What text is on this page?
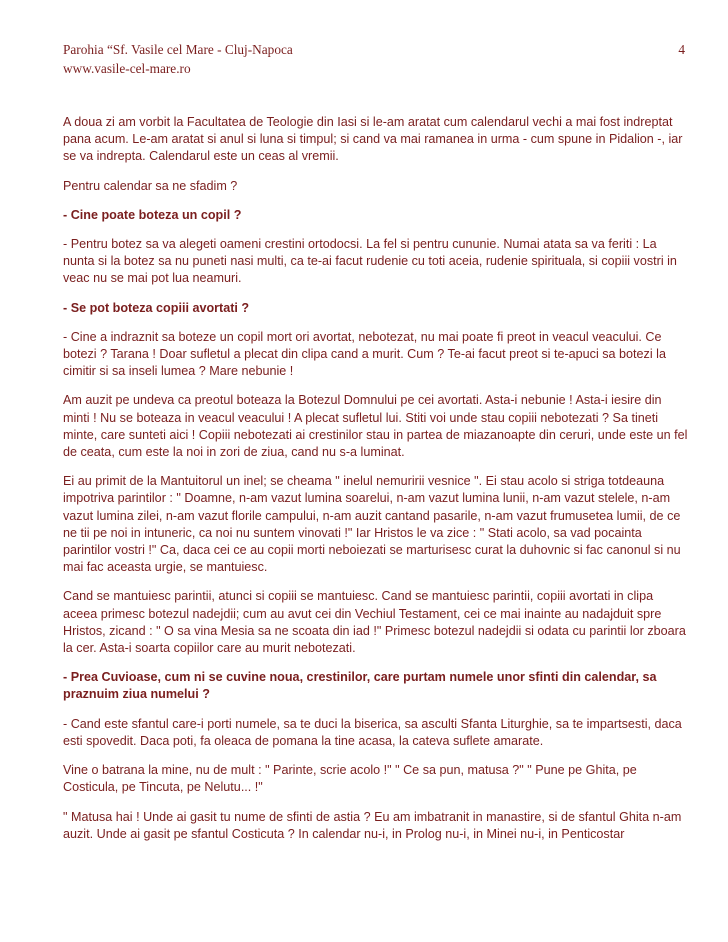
Parohia “Sf. Vasile cel Mare - Cluj-Napoca
www.vasile-cel-mare.ro
4

A doua zi am vorbit la Facultatea de Teologie din Iasi si le-am aratat cum calendarul vechi a mai fost indreptat pana acum. Le-am aratat si anul si luna si timpul; si cand va mai ramanea in urma - cum spune in Pidalion -, iar se va indrepta. Calendarul este un ceas al vremii.

Pentru calendar sa ne sfadim ?

- Cine poate boteza un copil ?

- Pentru botez sa va alegeti oameni crestini ortodocsi. La fel si pentru cununie. Numai atata sa va feriti : La nunta si la botez sa nu puneti nasi multi, ca te-ai facut rudenie cu toti aceia, rudenie spirituala, si copiii vostri in veac nu se mai pot lua neamuri.

- Se pot boteza copiii avortati ?

- Cine a indraznit sa boteze un copil mort ori avortat, nebotezat, nu mai poate fi preot in veacul veacului. Ce botezi ? Tarana ! Doar sufletul a plecat din clipa cand a murit. Cum ? Te-ai facut preot si te-apuci sa botezi la cimitir si sa inseli lumea ? Mare nebunie !

Am auzit pe undeva ca preotul boteaza la Botezul Domnului pe cei avortati. Asta-i nebunie ! Asta-i iesire din minti ! Nu se boteaza in veacul veacului ! A plecat sufletul lui. Stiti voi unde stau copiii nebotezati ? Sa tineti minte, care sunteti aici ! Copiii nebotezati ai crestinilor stau in partea de miazanoapte din ceruri, unde este un fel de ceata, cum este la noi in zori de ziua, cand nu s-a luminat.

Ei au primit de la Mantuitorul un inel; se cheama " inelul nemuririi vesnice ". Ei stau acolo si striga totdeauna impotriva parintilor : " Doamne, n-am vazut lumina soarelui, n-am vazut lumina lunii, n-am vazut stelele, n-am vazut lumina zilei, n-am vazut florile campului, n-am auzit cantand pasarile, n-am vazut frumusetea lumii, de ce ne tii pe noi in intuneric, ca noi nu suntem vinovati !" Iar Hristos le va zice : " Stati acolo, sa vad pocainta parintilor vostri !" Ca, daca cei ce au copii morti neboiezati se marturisesc curat la duhovnic si fac canonul si nu mai fac aceasta urgie, se mantuiesc.

Cand se mantuiesc parintii, atunci si copiii se mantuiesc. Cand se mantuiesc parintii, copiii avortati in clipa aceea primesc botezul nadejdii; cum au avut cei din Vechiul Testament, cei ce mai inainte au nadajduit spre Hristos, zicand : " O sa vina Mesia sa ne scoata din iad !" Primesc botezul nadejdii si odata cu parintii lor zboara la cer. Asta-i soarta copiilor care au murit nebotezati.

- Prea Cuvioase, cum ni se cuvine noua, crestinilor, care purtam numele unor sfinti din calendar, sa praznuim ziua numelui ?

- Cand este sfantul care-i porti numele, sa te duci la biserica, sa asculti Sfanta Liturghie, sa te impartsesti, daca esti spovedit. Daca poti, fa oleaca de pomana la tine acasa, la cateva suflete amarate.

Vine o batrana la mine, nu de mult : " Parinte, scrie acolo !" " Ce sa pun, matusa ?" " Pune pe Ghita, pe Costicula, pe Tincuta, pe Nelutu... !"

" Matusa hai ! Unde ai gasit tu nume de sfinti de astia ? Eu am imbatranit in manastire, si de sfantul Ghita n-am auzit. Unde ai gasit pe sfantul Costicuta ? In calendar nu-i, in Prolog nu-i, in Minei nu-i, in Penticostar
